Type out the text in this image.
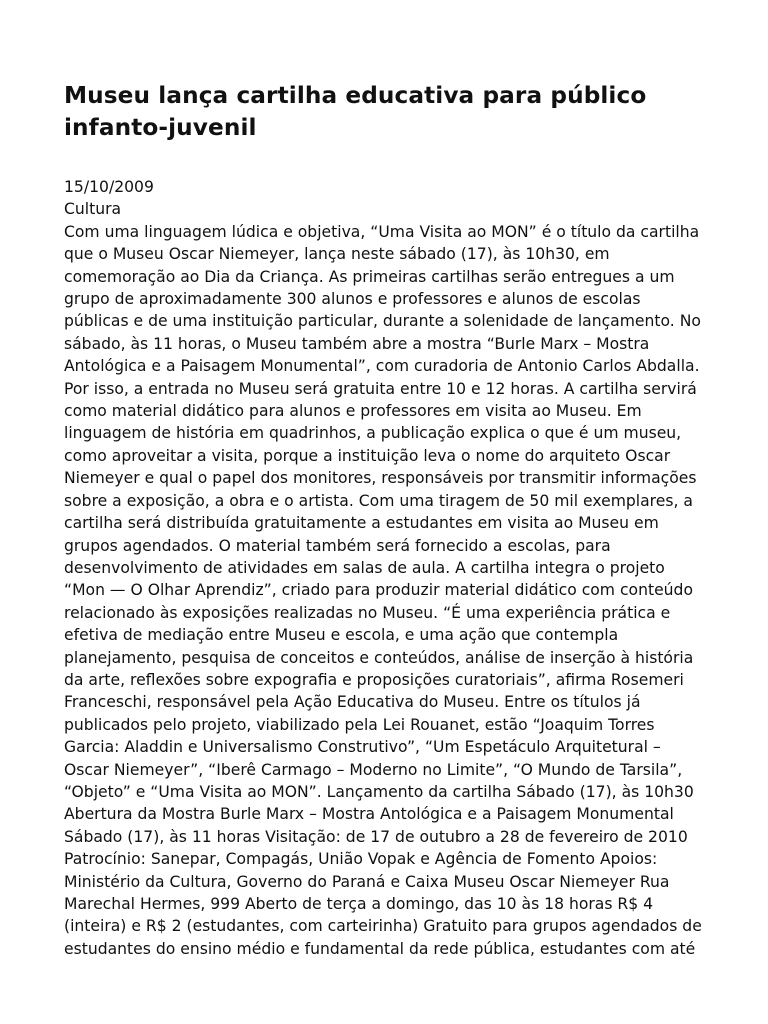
Museu lança cartilha educativa para público infanto-juvenil
15/10/2009
Cultura

Com uma linguagem lúdica e objetiva, “Uma Visita ao MON” é o título da cartilha que o Museu Oscar Niemeyer, lança neste sábado (17), às 10h30, em comemoração ao Dia da Criança. As primeiras cartilhas serão entregues a um grupo de aproximadamente 300 alunos e professores e alunos de escolas públicas e de uma instituição particular, durante a solenidade de lançamento. No sábado, às 11 horas, o Museu também abre a mostra “Burle Marx – Mostra Antológica e a Paisagem Monumental”, com curadoria de Antonio Carlos Abdalla. Por isso, a entrada no Museu será gratuita entre 10 e 12 horas. A cartilha servirá como material didático para alunos e professores em visita ao Museu. Em linguagem de história em quadrinhos, a publicação explica o que é um museu, como aproveitar a visita, porque a instituição leva o nome do arquiteto Oscar Niemeyer e qual o papel dos monitores, responsáveis por transmitir informações sobre a exposição, a obra e o artista. Com uma tiragem de 50 mil exemplares, a cartilha será distribuída gratuitamente a estudantes em visita ao Museu em grupos agendados. O material também será fornecido a escolas, para desenvolvimento de atividades em salas de aula. A cartilha integra o projeto “Mon — O Olhar Aprendiz”, criado para produzir material didático com conteúdo relacionado às exposições realizadas no Museu. “É uma experiência prática e efetiva de mediação entre Museu e escola, e uma ação que contempla planejamento, pesquisa de conceitos e conteúdos, análise de inserção à história da arte, reflexões sobre expografia e proposições curatoriais”, afirma Rosemeri Franceschi, responsável pela Ação Educativa do Museu. Entre os títulos já publicados pelo projeto, viabilizado pela Lei Rouanet, estão “Joaquim Torres Garcia: Aladdin e Universalismo Construtivo”, “Um Espetáculo Arquitetural – Oscar Niemeyer”, “Iberê Carmago – Moderno no Limite”, “O Mundo de Tarsila”, “Objeto” e “Uma Visita ao MON”. Lançamento da cartilha Sábado (17), às 10h30 Abertura da Mostra Burle Marx – Mostra Antológica e a Paisagem Monumental Sábado (17), às 11 horas Visitação: de 17 de outubro a 28 de fevereiro de 2010 Patrocínio: Sanepar, Compagás, União Vopak e Agência de Fomento Apoios: Ministério da Cultura, Governo do Paraná e Caixa Museu Oscar Niemeyer Rua Marechal Hermes, 999 Aberto de terça a domingo, das 10 às 18 horas R$ 4 (inteira) e R$ 2 (estudantes, com carteirinha) Gratuito para grupos agendados de estudantes do ensino médio e fundamental da rede pública, estudantes com até
